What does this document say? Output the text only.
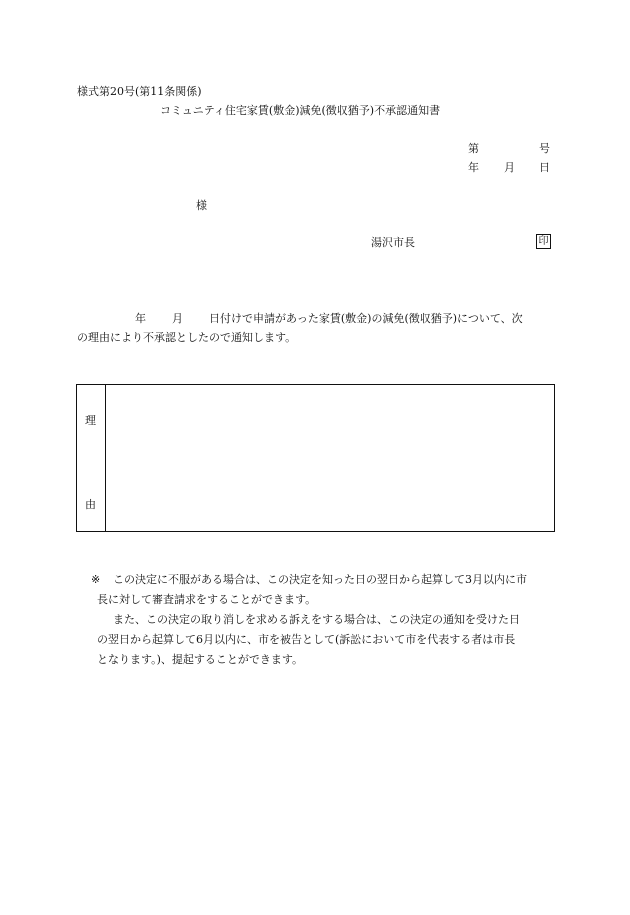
様式第20号(第11条関係)
コミュニティ住宅家賃(敷金)減免(徴収猶予)不承認通知書
第	号
年 月 日
様
湯沢市長	印
年 月 日付けで申請があった家賃(敷金)の減免(徴収猶予)について、次
の理由により不承認としたので通知します。
理
由
※ この決定に不服がある場合は、この決定を知った日の翌日から起算して3月以内に市
長に対して審査請求をすることができます。
また、この決定の取り消しを求める訴えをする場合は、この決定の通知を受けた日
の翌日から起算して6月以内に、市を被告として(訴訟において市を代表する者は市長
となります。)、提起することができます。
